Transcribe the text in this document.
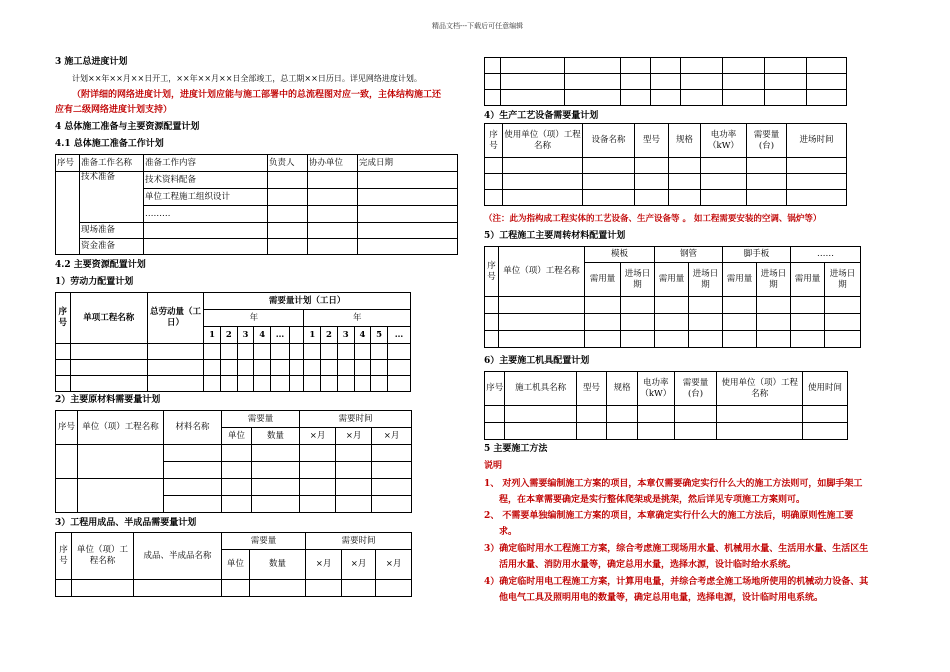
精品文档---下载后可任意编辑
3 施工总进度计划
计划××年××月××日开工，××年××月××日全部竣工，总工期××日历日。详见网络进度计划。
（附详细的网络进度计划，进度计划应能与施工部署中的总流程图对应一致，主体结构施工还
应有二级网络进度计划支持）
4 总体施工准备与主要资源配置计划
4.1 总体施工准备工作计划
序号	准备工作名称	准备工作内容	负责人	协办单位	完成日期
	技术准备	技术资料配备			
		单位工程施工组织设计			
		………			
	现场准备				
	资金准备				
4.2 主要资源配置计划
1）劳动力配置计划
序号	单项工程名称	总劳动量（工日）	需要量计划（工日）											
			年						年					
			1	2	3	4	…		1	2	3	4	5	…

2）主要原材料需要量计划
序号	单位（项）工程名称	材料名称	需要量		需要时间		
			单位	数量	×月	×月	×月

3）工程用成品、半成品需要量计划
序号	单位（项）工程名称	成品、半成品名称	需要量		需要时间		
			单位	数量	×月	×月	×月

4）生产工艺设备需要量计划
序号	使用单位（项）工程名称	设备名称	型号	规格	电功率（kW）	需要量(台)	进场时间

（注：此为指构成工程实体的工艺设备、生产设备等 。 如工程需要安装的空调、锅炉等）
5）工程施工主要周转材料配置计划
序号	单位（项）工程名称	模板		钢管		脚手板		……	
		需用量	进场日期	需用量	进场日期	需用量	进场日期	需用量	进场日期

6）主要施工机具配置计划
序号	施工机具名称	型号	规格	电功率（kW）	需要量(台)	使用单位（项）工程名称	使用时间

5 主要施工方法
说明
1、 对列入需要编制施工方案的项目，本章仅需要确定实行什么大的施工方法则可，如脚手架工
程，在本章需要确定是实行整体爬架或是挑架，然后详见专项施工方案则可。
2、 不需要单独编制施工方案的项目，本章确定实行什么大的施工方法后，明确原则性施工要
求。
3）确定临时用水工程施工方案，综合考虑施工现场用水量、机械用水量、生活用水量、生活区生
活用水量、消防用水量等，确定总用水量，选择水源，设计临时给水系统。
4）确定临时用电工程施工方案，计算用电量，并综合考虑全施工场地所使用的机械动力设备、其
他电气工具及照明用电的数量等，确定总用电量，选择电源，设计临时用电系统。
